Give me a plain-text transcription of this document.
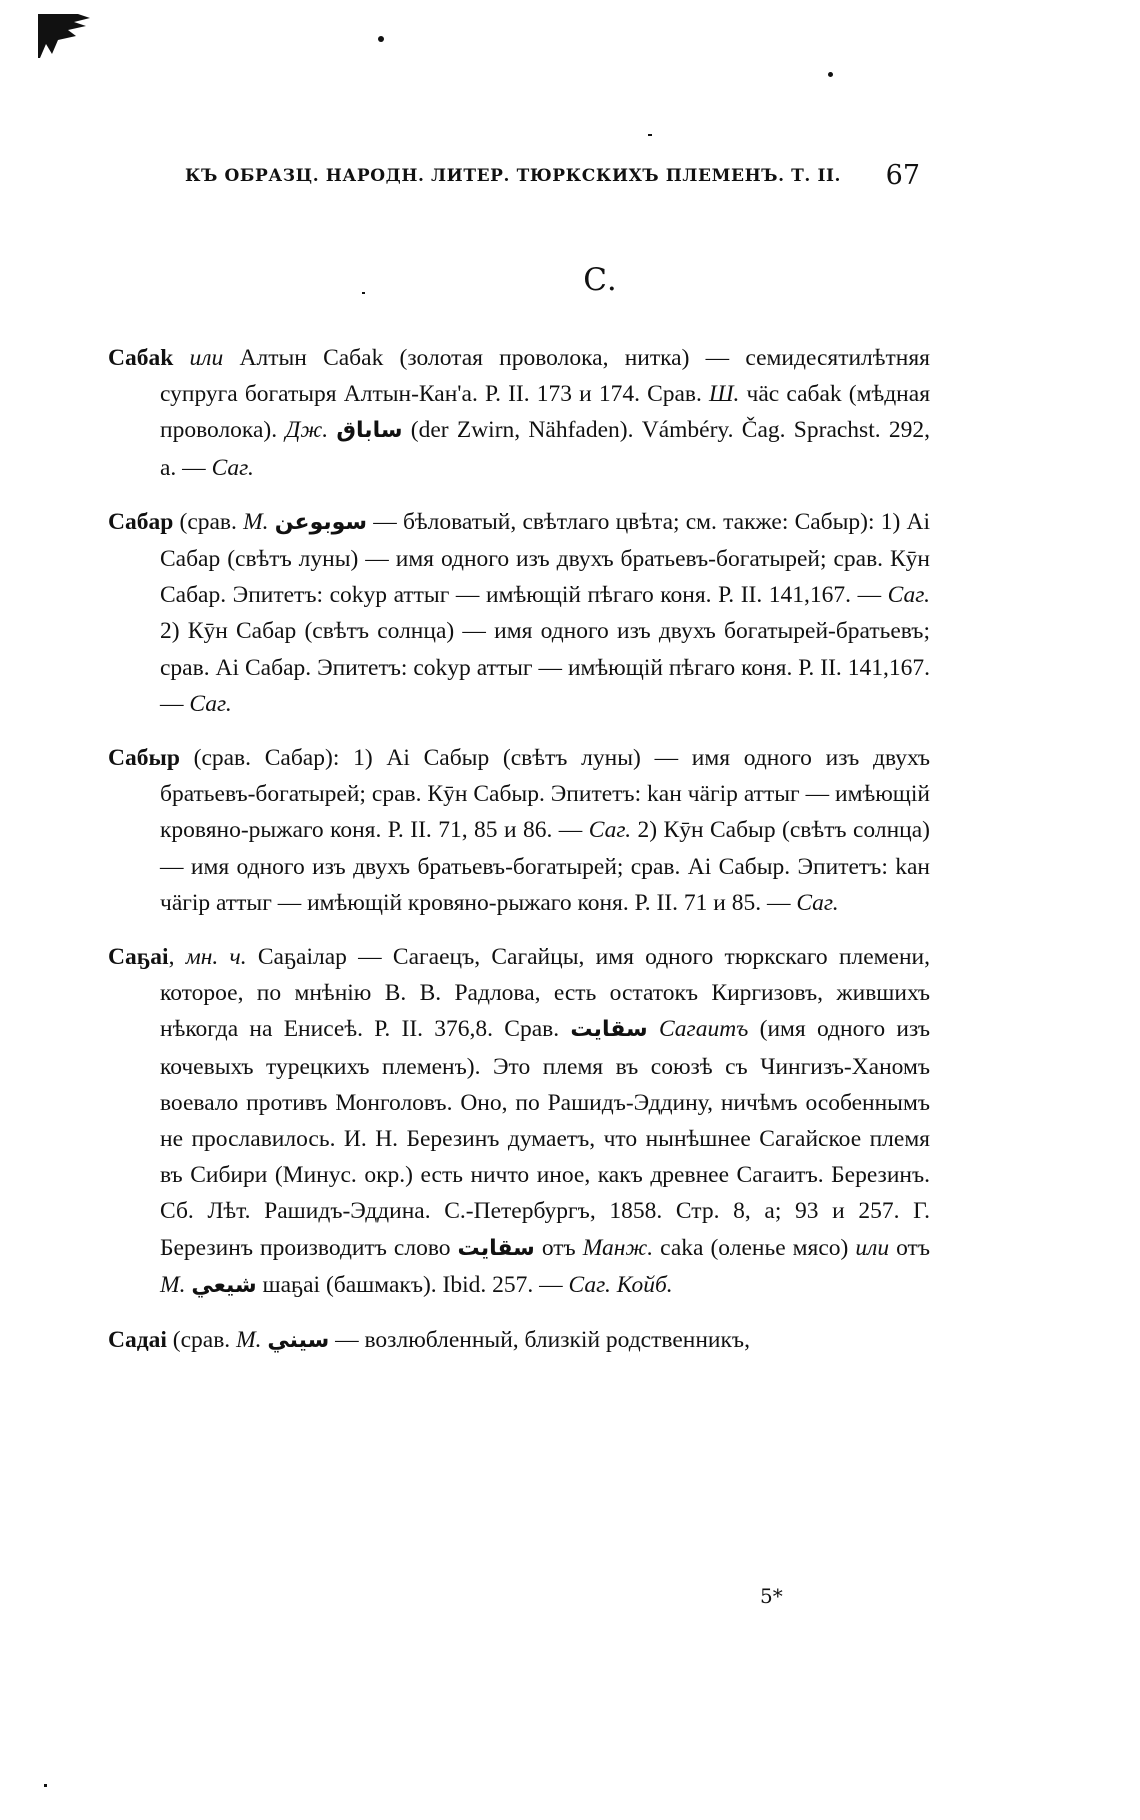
КЪ ОБРАЗЦ. НАРОДН. ЛИТЕР. ТЮРКСКИХЪ ПЛЕМЕНЪ. Т. II. 67
С.

Сабаk или Алтын Сабаk (золотая проволока, нитка) — семидесятилѣтняя супруга богатыря Алтын-Кан'а. Р. II. 173 и 174. Срав. Ш. чäс сабаk (мѣдная проволока). Дж. ساباق (der Zwirn, Nähfaden). Vámbéry. Čag. Sprachst. 292, a. — Саг.

Сабар (срав. М. سوبوعن — бѣловатый, свѣтлаго цвѣта; см. также: Сабыр): 1) Аi Сабар (свѣтъ луны) — имя одного изъ двухъ братьевъ-богатырей; срав. Кӯн Сабар. Эпитетъ: соkур аттыг — имѣющій пѣгаго коня. Р. II. 141,167. — Саг. 2) Кӯн Сабар (свѣтъ солнца) — имя одного изъ двухъ богатырей-братьевъ; срав. Аi Сабар. Эпитетъ: соkур аттыг — имѣющій пѣгаго коня. Р. II. 141,167. — Саг.

Сабыр (срав. Сабар): 1) Аi Сабыр (свѣтъ луны) — имя одного изъ двухъ братьевъ-богатырей; срав. Кӯн Сабыр. Эпитетъ: kан чäгiр аттыг — имѣющій кровяно-рыжаго коня. Р. II. 71, 85 и 86. — Саг. 2) Кӯн Сабыр (свѣтъ солнца) — имя одного изъ двухъ братьевъ-богатырей; срав. Аi Сабыр. Эпитетъ: kан чäгiр аттыг — имѣющій кровяно-рыжаго коня. Р. II. 71 и 85. — Саг.

Саҕаi, мн. ч. Саҕаiлар — Сагаецъ, Сагайцы, имя одного тюркскаго племени, которое, по мнѣнію В. В. Радлова, есть остатокъ Киргизовъ, жившихъ нѣкогда на Енисеѣ. Р. II. 376,8. Срав. سقايت Сагаитъ (имя одного изъ кочевыхъ турецкихъ племенъ). Это племя въ союзѣ съ Чингизъ-Ханомъ воевало противъ Монголовъ. Оно, по Рашидъ-Эддину, ничѣмъ особеннымъ не прославилось. И. Н. Березинъ думаетъ, что нынѣшнее Сагайское племя въ Сибири (Минус. окр.) есть ничто иное, какъ древнее Сагаитъ. Березинъ. Сб. Лѣт. Рашидъ-Эддина. С.-Петербургъ, 1858. Стр. 8, а; 93 и 257. Г. Березинъ производитъ слово سقايت отъ Манж. саkа (оленье мясо) или отъ М. شيعي шаҕаi (башмакъ). Ibid. 257. — Саг. Койб.

Садаi (срав. М. سيني — возлюбленный, близкій родственникъ,

5*
